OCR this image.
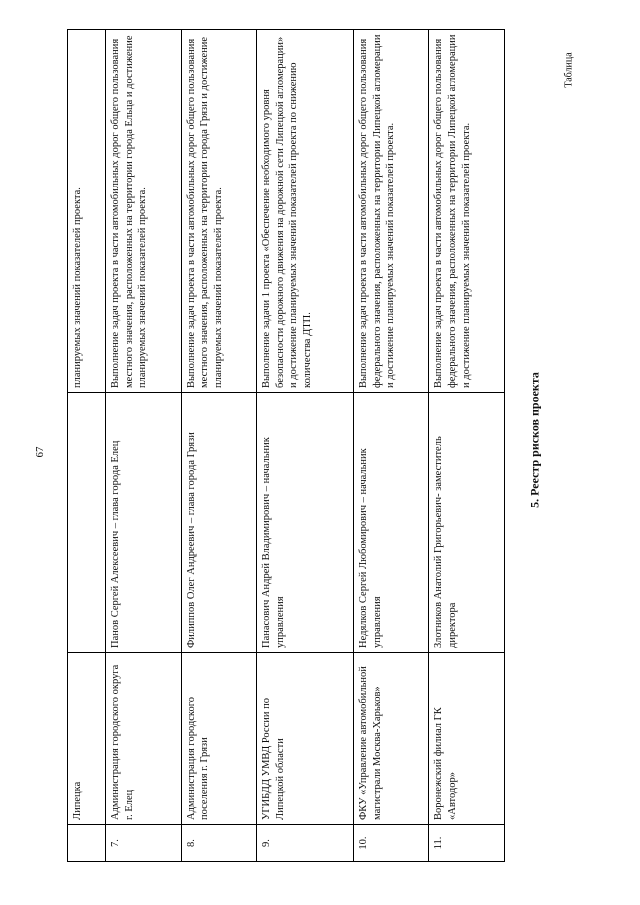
67
	Липецка		планируемых значений показателей проекта.
7.	Администрация городского округа г. Елец	Панов Сергей Алексеевич – глава города Елец	Выполнение задач проекта в части автомобильных дорог общего пользования местного значения, расположенных на территории города Ельца и достижение планируемых значений показателей проекта.
8.	Администрация городского поселения г. Грязи	Филиппов Олег Андреевич – глава города Грязи	Выполнение задач проекта в части автомобильных дорог общего пользования местного значения, расположенных на территории города Грязи и достижение планируемых значений показателей проекта.
9.	УГИБДД УМВД России по Липецкой области	Панасович Андрей Владимирович – начальник управления	Выполнение задачи 1 проекта «Обеспечение необходимого уровня безопасности дорожного движения на дорожной сети Липецкой агломерации» и достижение планируемых значений показателей проекта по снижению количества ДТП.
10.	ФКУ «Управление автомобильной магистрали Москва-Харьков»	Недялков Сергей Любомирович – начальник управления	Выполнение задач проекта в части автомобильных дорог общего пользования федерального значения, расположенных на территории Липецкой агломерации и достижение планируемых значений показателей проекта.
11.	Воронежский филиал ГК «Автодор»	Злотников Анатолий Григорьевич- заместитель директора	Выполнение задач проекта в части автомобильных дорог общего пользования федерального значения, расположенных на территории Липецкой агломерации и достижение планируемых значений показателей проекта.
5. Реестр рисков проекта
Таблица
